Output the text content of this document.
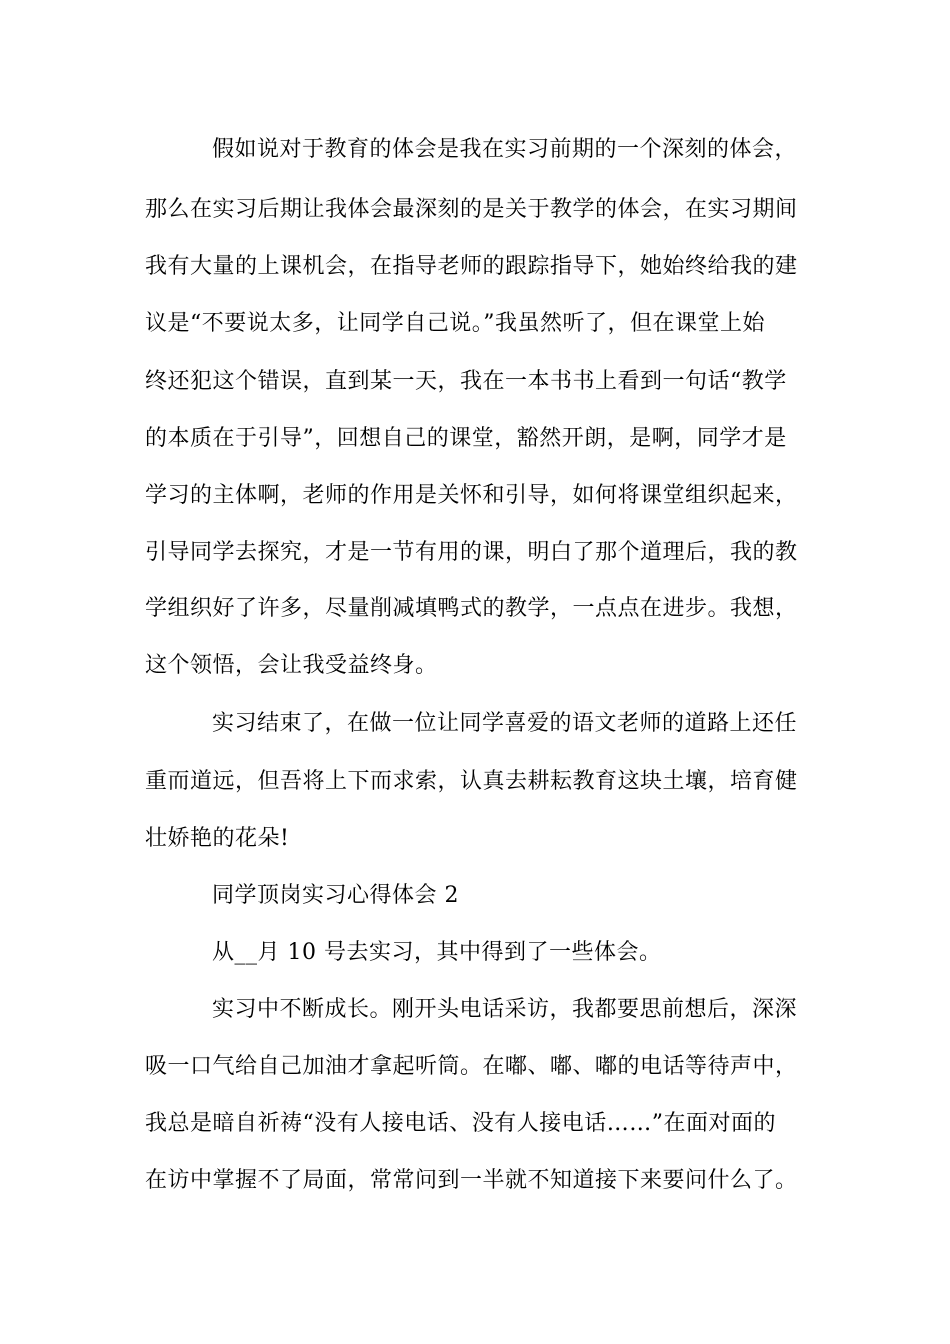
假如说对于教育的体会是我在实习前期的一个深刻的体会，

那么在实习后期让我体会最深刻的是关于教学的体会，在实习期间

我有大量的上课机会，在指导老师的跟踪指导下，她始终给我的建

议是“不要说太多，让同学自己说。”我虽然听了，但在课堂上始

终还犯这个错误，直到某一天，我在一本书书上看到一句话“教学

的本质在于引导”，回想自己的课堂，豁然开朗，是啊，同学才是

学习的主体啊，老师的作用是关怀和引导，如何将课堂组织起来，

引导同学去探究，才是一节有用的课，明白了那个道理后，我的教

学组织好了许多，尽量削减填鸭式的教学，一点点在进步。我想，

这个领悟，会让我受益终身。

实习结束了，在做一位让同学喜爱的语文老师的道路上还任

重而道远，但吾将上下而求索，认真去耕耘教育这块土壤，培育健

壮娇艳的花朵!

同学顶岗实习心得体会 2

从__月 10 号去实习，其中得到了一些体会。

实习中不断成长。刚开头电话采访，我都要思前想后，深深

吸一口气给自己加油才拿起听筒。在嘟、嘟、嘟的电话等待声中，

我总是暗自祈祷“没有人接电话、没有人接电话……”在面对面的

在访中掌握不了局面，常常问到一半就不知道接下来要问什么了。
